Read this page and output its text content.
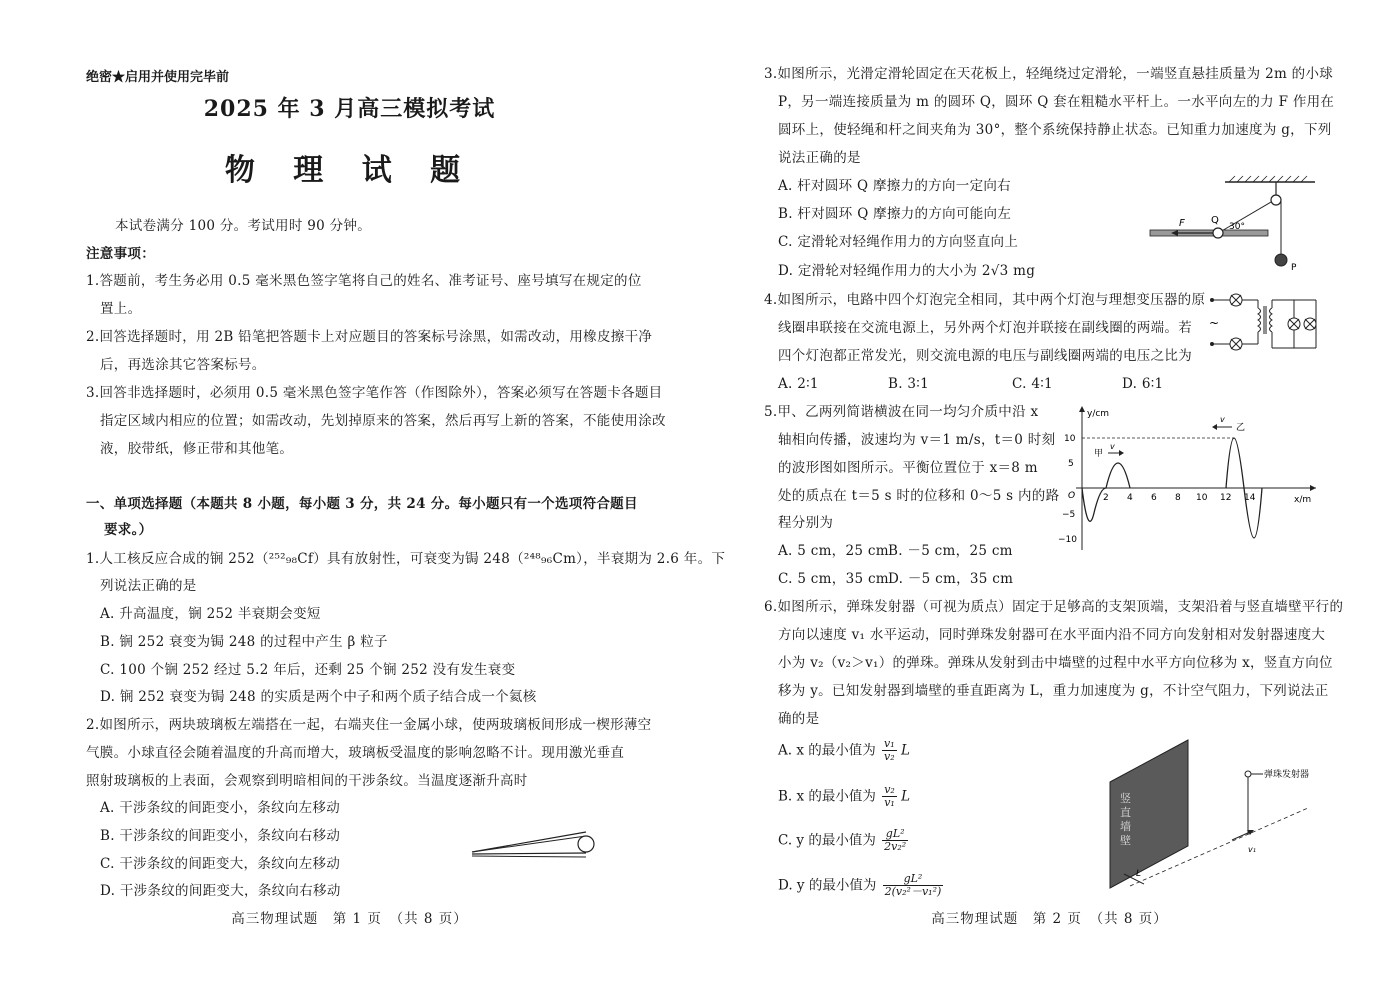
绝密★启用并使用完毕前
2025 年 3 月高三模拟考试
物 理 试 题
本试卷满分 100 分。考试用时 90 分钟。
注意事项：
1.答题前，考生务必用 0.5 毫米黑色签字笔将自己的姓名、准考证号、座号填写在规定的位
置上。
2.回答选择题时，用 2B 铅笔把答题卡上对应题目的答案标号涂黑，如需改动，用橡皮擦干净
后，再选涂其它答案标号。
3.回答非选择题时，必须用 0.5 毫米黑色签字笔作答（作图除外），答案必须写在答题卡各题目
指定区域内相应的位置；如需改动，先划掉原来的答案，然后再写上新的答案，不能使用涂改
液，胶带纸，修正带和其他笔。
一、单项选择题（本题共 8 小题，每小题 3 分，共 24 分。每小题只有一个选项符合题目
要求。）
1.人工核反应合成的锎 252（²⁵²₉₈Cf）具有放射性，可衰变为锔 248（²⁴⁸₉₆Cm），半衰期为 2.6 年。下
列说法正确的是
A. 升高温度，锎 252 半衰期会变短
B. 锎 252 衰变为锔 248 的过程中产生 β 粒子
C. 100 个锎 252 经过 5.2 年后，还剩 25 个锎 252 没有发生衰变
D. 锎 252 衰变为锔 248 的实质是两个中子和两个质子结合成一个氦核
2.如图所示，两块玻璃板左端搭在一起，右端夹住一金属小球，使两玻璃板间形成一楔形薄空
气膜。小球直径会随着温度的升高而增大，玻璃板受温度的影响忽略不计。现用激光垂直
照射玻璃板的上表面，会观察到明暗相间的干涉条纹。当温度逐渐升高时
A. 干涉条纹的间距变小，条纹向左移动
B. 干涉条纹的间距变小，条纹向右移动
C. 干涉条纹的间距变大，条纹向左移动
D. 干涉条纹的间距变大，条纹向右移动
高三物理试题　第 1 页　（共 8 页）
3.如图所示，光滑定滑轮固定在天花板上，轻绳绕过定滑轮，一端竖直悬挂质量为 2m 的小球
P，另一端连接质量为 m 的圆环 Q，圆环 Q 套在粗糙水平杆上。一水平向左的力 F 作用在
圆环上，使轻绳和杆之间夹角为 30°，整个系统保持静止状态。已知重力加速度为 g，下列
说法正确的是
A. 杆对圆环 Q 摩擦力的方向一定向右
B. 杆对圆环 Q 摩擦力的方向可能向左
C. 定滑轮对轻绳作用力的方向竖直向上
D. 定滑轮对轻绳作用力的大小为 2√3 mg
F	Q
30°
P
4.如图所示，电路中四个灯泡完全相同，其中两个灯泡与理想变压器的原
线圈串联接在交流电源上，另外两个灯泡并联接在副线圈的两端。若
四个灯泡都正常发光，则交流电源的电压与副线圈两端的电压之比为
A. 2∶1	B. 3∶1	C. 4∶1	D. 6∶1
~
5.甲、乙两列简谐横波在同一均匀介质中沿 x
轴相向传播，波速均为 v＝1 m/s，t＝0 时刻
的波形图如图所示。平衡位置位于 x＝8 m
处的质点在 t＝5 s 时的位移和 0～5 s 内的路
程分别为
A. 5 cm，25 cm B. －5 cm，25 cm
C. 5 cm，35 cm D. －5 cm，35 cm
y/cm
x/m
O
10
5
−5
−10
2 4 6 8 10 12 14
甲
v
乙
v
6.如图所示，弹珠发射器（可视为质点）固定于足够高的支架顶端，支架沿着与竖直墙壁平行的
方向以速度 v₁ 水平运动，同时弹珠发射器可在水平面内沿不同方向发射相对发射器速度大
小为 v₂（v₂＞v₁）的弹珠。弹珠从发射到击中墙壁的过程中水平方向位移为 x，竖直方向位
移为 y。已知发射器到墙壁的垂直距离为 L，重力加速度为 g，不计空气阻力，下列说法正
确的是
A. x 的最小值为 $\frac{\text{v₁}}{\text{v₂}}$ L
B. x 的最小值为 $\frac{\text{v₂}}{\text{v₁}}$ L
C. y 的最小值为 $\frac{\text{gL²}}{\text{2v₂²}}$
D. y 的最小值为 $\frac{\text{gL²}}{\text{2(v₂²－v₁²)}}$
竖直墙壁
弹珠发射器
v₁
L
高三物理试题　第 2 页　（共 8 页）
